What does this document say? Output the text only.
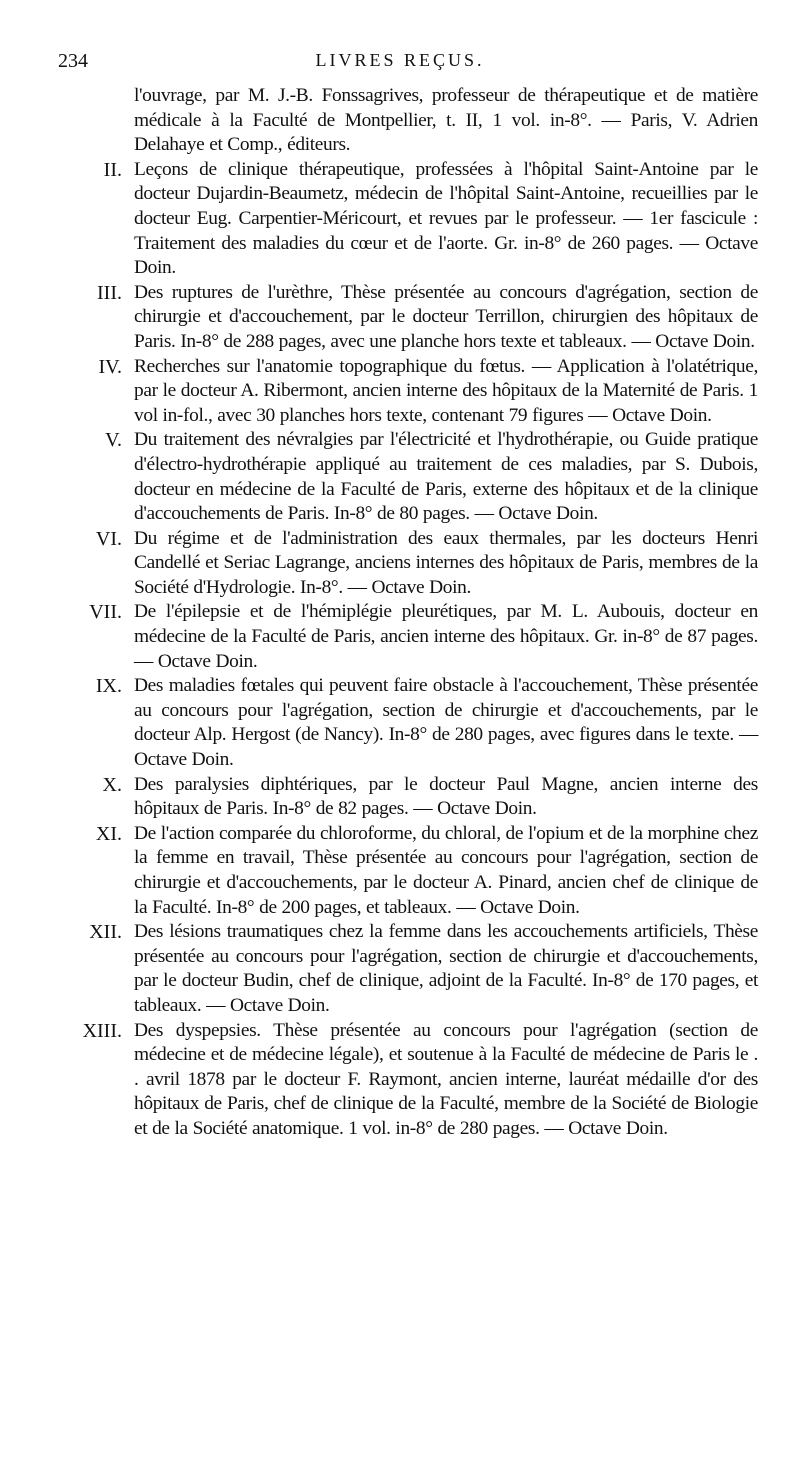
234	LIVRES REÇUS.
l'ouvrage, par M. J.-B. Fonssagrives, professeur de thérapeutique et de matière médicale à la Faculté de Montpellier, t. II, 1 vol. in-8°. — Paris, V. Adrien Delahaye et Comp., éditeurs.
II. Leçons de clinique thérapeutique, professées à l'hôpital Saint-Antoine par le docteur Dujardin-Beaumetz, médecin de l'hôpital Saint-Antoine, recueillies par le docteur Eug. Carpentier-Méricourt, et revues par le professeur. — 1er fascicule : Traitement des maladies du cœur et de l'aorte. Gr. in-8° de 260 pages. — Octave Doin.
III. Des ruptures de l'urèthre, Thèse présentée au concours d'agrégation, section de chirurgie et d'accouchement, par le docteur Terrillon, chirurgien des hôpitaux de Paris. In-8° de 288 pages, avec une planche hors texte et tableaux. — Octave Doin.
IV. Recherches sur l'anatomie topographique du fœtus. — Application à l'olatétrique, par le docteur A. Ribermont, ancien interne des hôpitaux de la Maternité de Paris. 1 vol in-fol., avec 30 planches hors texte, contenant 79 figures — Octave Doin.
V. Du traitement des névralgies par l'électricité et l'hydrothérapie, ou Guide pratique d'électro-hydrothérapie appliqué au traitement de ces maladies, par S. Dubois, docteur en médecine de la Faculté de Paris, externe des hôpitaux et de la clinique d'accouchements de Paris. In-8° de 80 pages. — Octave Doin.
VI. Du régime et de l'administration des eaux thermales, par les docteurs Henri Candellé et Seriac Lagrange, anciens internes des hôpitaux de Paris, membres de la Société d'Hydrologie. In-8°. — Octave Doin.
VII. De l'épilepsie et de l'hémiplégie pleurétiques, par M. L. Aubouis, docteur en médecine de la Faculté de Paris, ancien interne des hôpitaux. Gr. in-8° de 87 pages. — Octave Doin.
IX. Des maladies fœtales qui peuvent faire obstacle à l'accouchement, Thèse présentée au concours pour l'agrégation, section de chirurgie et d'accouchements, par le docteur Alp. Hergost (de Nancy). In-8° de 280 pages, avec figures dans le texte. — Octave Doin.
X. Des paralysies diphtériques, par le docteur Paul Magne, ancien interne des hôpitaux de Paris. In-8° de 82 pages. — Octave Doin.
XI. De l'action comparée du chloroforme, du chloral, de l'opium et de la morphine chez la femme en travail, Thèse présentée au concours pour l'agrégation, section de chirurgie et d'accouchements, par le docteur A. Pinard, ancien chef de clinique de la Faculté. In-8° de 200 pages, et tableaux. — Octave Doin.
XII. Des lésions traumatiques chez la femme dans les accouchements artificiels, Thèse présentée au concours pour l'agrégation, section de chirurgie et d'accouchements, par le docteur Budin, chef de clinique, adjoint de la Faculté. In-8° de 170 pages, et tableaux. — Octave Doin.
XIII. Des dyspepsies. Thèse présentée au concours pour l'agrégation (section de médecine et de médecine légale), et soutenue à la Faculté de médecine de Paris le . . avril 1878 par le docteur F. Raymont, ancien interne, lauréat médaille d'or des hôpitaux de Paris, chef de clinique de la Faculté, membre de la Société de Biologie et de la Société anatomique. 1 vol. in-8° de 280 pages. — Octave Doin.
